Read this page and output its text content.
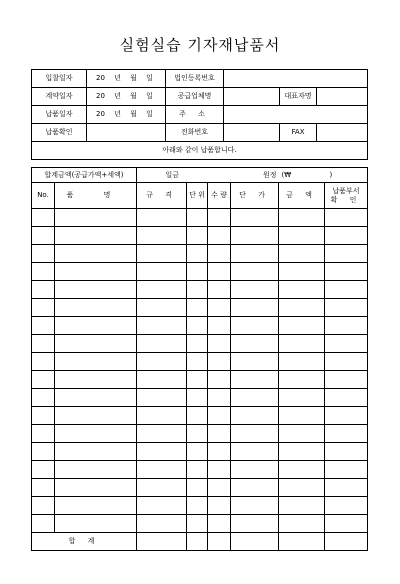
실험실습 기자재납품서
입찰일자	20 년 월 일	법인등록번호			
계약일자	20 년 월 일	공급업체명		대표자명	
납품일자	20 년 월 일	주 소			
납품확인		전화번호		FAX	
아래와 같이 납품합니다.					
합계금액(공급가액+세액)		일금		원정		(₩	)
No.	품 명	규 격	단 위	수 량	단 가	금 액	납품부서
확 인

합 계							
